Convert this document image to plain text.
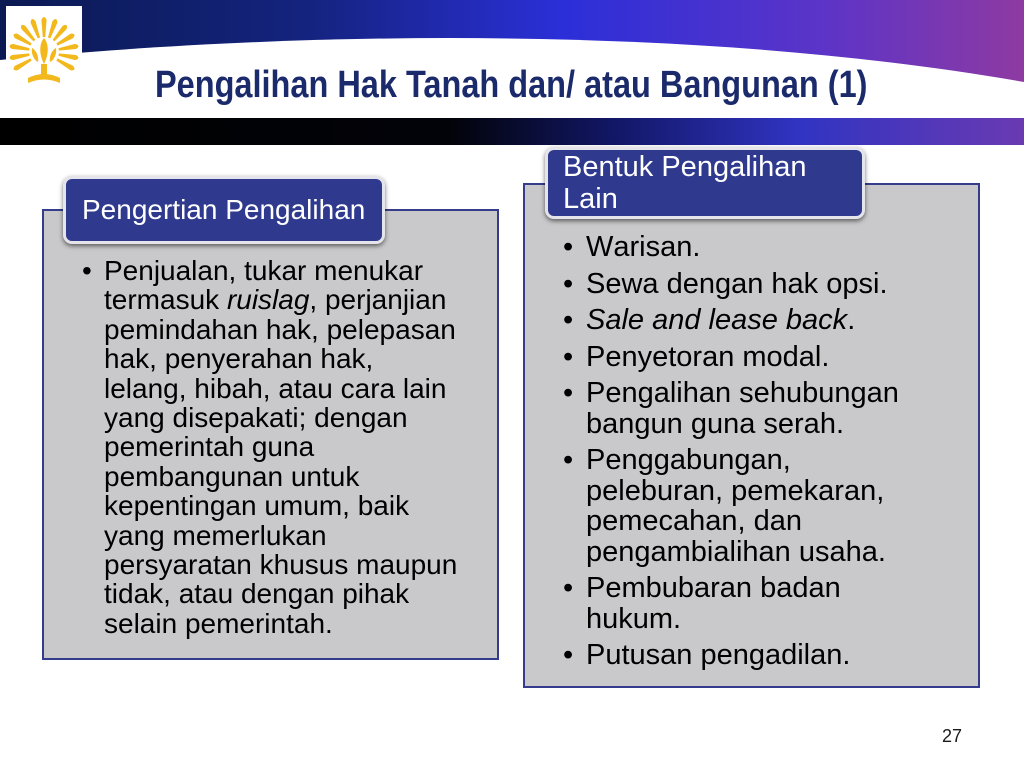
Pengalihan Hak Tanah dan/ atau Bangunan (1)
Pengertian Pengalihan
• Penjualan, tukar menukar termasuk ruislag, perjanjian pemindahan hak, pelepasan hak, penyerahan hak, lelang, hibah, atau cara lain yang disepakati; dengan pemerintah guna pembangunan untuk kepentingan umum, baik yang memerlukan persyaratan khusus maupun tidak, atau dengan pihak selain pemerintah.
Bentuk Pengalihan Lain
• Warisan.
• Sewa dengan hak opsi.
• Sale and lease back.
• Penyetoran modal.
• Pengalihan sehubungan bangun guna serah.
• Penggabungan, peleburan, pemekaran, pemecahan, dan pengambialihan usaha.
• Pembubaran badan hukum.
• Putusan pengadilan.
27
